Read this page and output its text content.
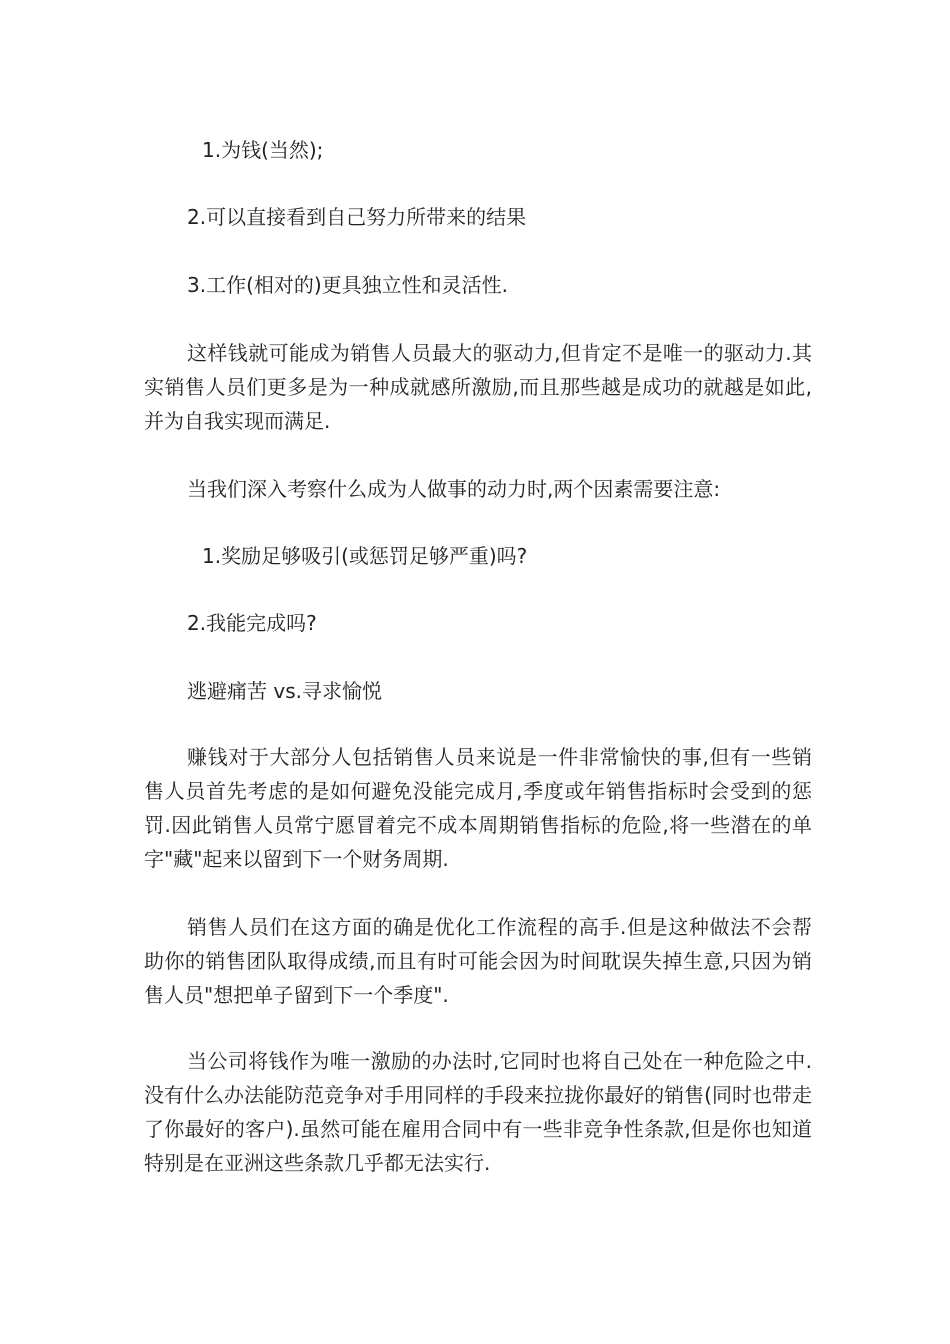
1.为钱(当然);

2.可以直接看到自己努力所带来的结果

3.工作(相对的)更具独立性和灵活性.

这样钱就可能成为销售人员最大的驱动力,但肯定不是唯一的驱动力.其实销售人员们更多是为一种成就感所激励,而且那些越是成功的就越是如此,并为自我实现而满足.

当我们深入考察什么成为人做事的动力时,两个因素需要注意:

1.奖励足够吸引(或惩罚足够严重)吗?

2.我能完成吗?

逃避痛苦 vs.寻求愉悦

赚钱对于大部分人包括销售人员来说是一件非常愉快的事,但有一些销售人员首先考虑的是如何避免没能完成月,季度或年销售指标时会受到的惩罚.因此销售人员常宁愿冒着完不成本周期销售指标的危险,将一些潜在的单字"藏"起来以留到下一个财务周期.

销售人员们在这方面的确是优化工作流程的高手.但是这种做法不会帮助你的销售团队取得成绩,而且有时可能会因为时间耽误失掉生意,只因为销售人员"想把单子留到下一个季度".

当公司将钱作为唯一激励的办法时,它同时也将自己处在一种危险之中.没有什么办法能防范竞争对手用同样的手段来拉拢你最好的销售(同时也带走了你最好的客户).虽然可能在雇用合同中有一些非竞争性条款,但是你也知道特别是在亚洲这些条款几乎都无法实行.
